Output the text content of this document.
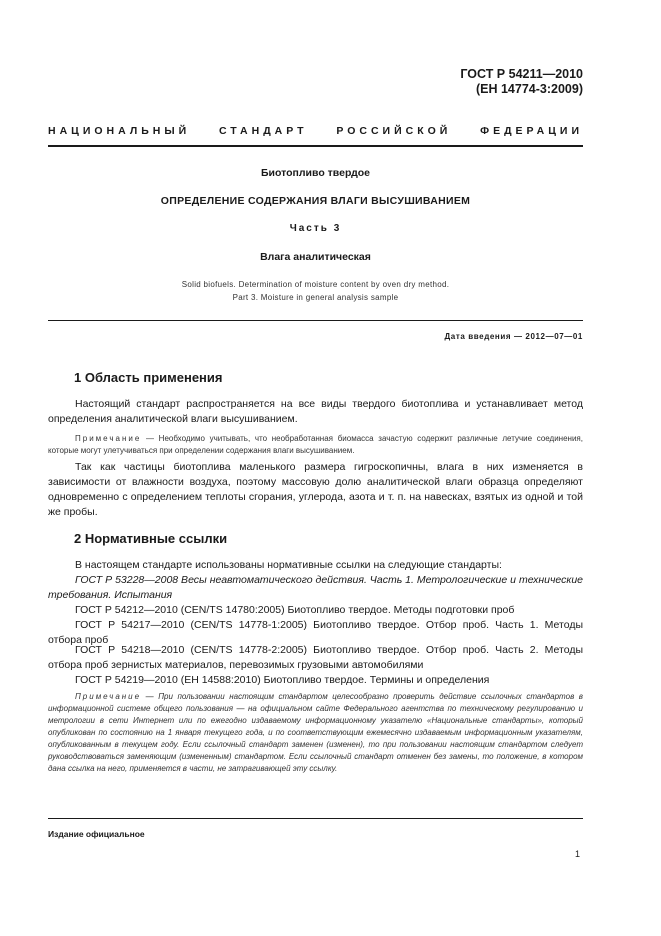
ГОСТ Р 54211—2010
(EH 14774-3:2009)
НАЦИОНАЛЬНЫЙ	СТАНДАРТ	РОССИЙСКОЙ	ФЕДЕРАЦИИ
Биотопливо твердое
ОПРЕДЕЛЕНИЕ СОДЕРЖАНИЯ ВЛАГИ ВЫСУШИВАНИЕМ
Часть 3
Влага аналитическая
Solid biofuels. Determination of moisture content by oven dry method.
Part 3. Moisture in general analysis sample
Дата введения — 2012—07—01
1 Область применения
Настоящий стандарт распространяется на все виды твердого биотоплива и устанавливает метод определения аналитической влаги высушиванием.
Примечание — Необходимо учитывать, что необработанная биомасса зачастую содержит различные летучие соединения, которые могут улетучиваться при определении содержания влаги высушиванием.
Так как частицы биотоплива маленького размера гигроскопичны, влага в них изменяется в зависимости от влажности воздуха, поэтому массовую долю аналитической влаги образца определяют одновременно с определением теплоты сгорания, углерода, азота и т. п. на навесках, взятых из одной и той же пробы.
2 Нормативные ссылки
В настоящем стандарте использованы нормативные ссылки на следующие стандарты:
ГОСТ Р 53228—2008 Весы неавтоматического действия. Часть 1. Метрологические и технические требования. Испытания
ГОСТ Р 54212—2010 (CEN/TS 14780:2005) Биотопливо твердое. Методы подготовки проб
ГОСТ Р 54217—2010 (CEN/TS 14778-1:2005) Биотопливо твердое. Отбор проб. Часть 1. Методы отбора проб
ГОСТ Р 54218—2010 (CEN/TS 14778-2:2005) Биотопливо твердое. Отбор проб. Часть 2. Методы отбора проб зернистых материалов, перевозимых грузовыми автомобилями
ГОСТ Р 54219—2010 (EH 14588:2010) Биотопливо твердое. Термины и определения
Примечание — При пользовании настоящим стандартом целесообразно проверить действие ссылочных стандартов в информационной системе общего пользования — на официальном сайте Федерального агентства по техническому регулированию и метрологии в сети Интернет или по ежегодно издаваемому информационному указателю «Национальные стандарты», который опубликован по состоянию на 1 января текущего года, и по соответствующим ежемесячно издаваемым информационным указателям, опубликованным в текущем году. Если ссылочный стандарт заменен (изменен), то при пользовании настоящим стандартом следует руководствоваться заменяющим (измененным) стандартом. Если ссылочный стандарт отменен без замены, то положение, в котором дана ссылка на него, применяется в части, не затрагивающей эту ссылку.
Издание официальное
1
